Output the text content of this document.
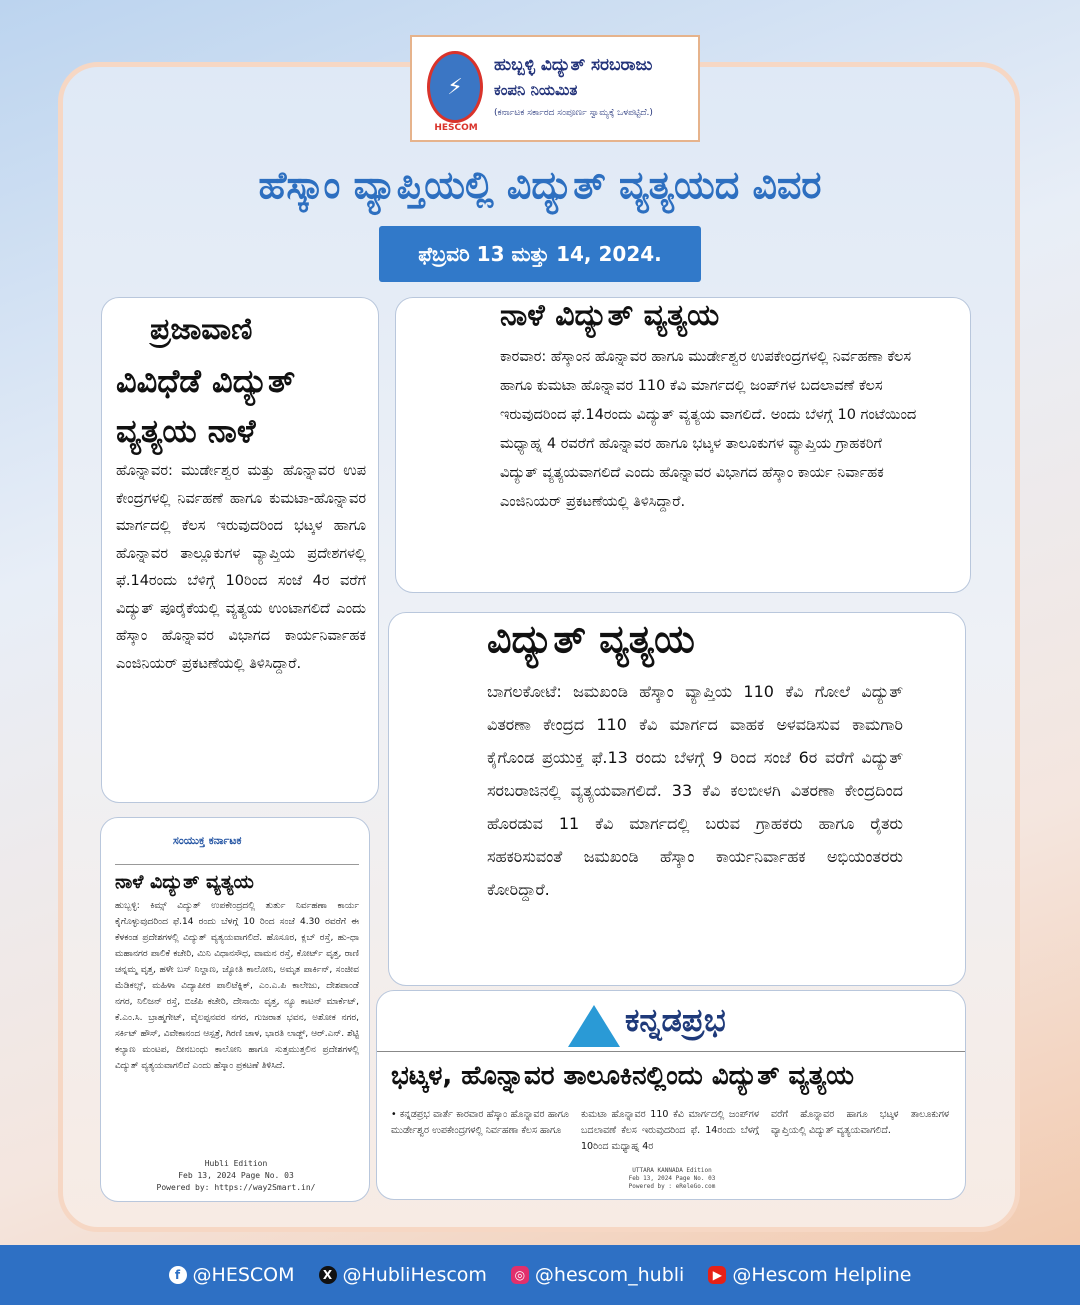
⚡
HESCOM
ಹುಬ್ಬಳ್ಳಿ ವಿದ್ಯುತ್ ಸರಬರಾಜು
ಕಂಪನಿ ನಿಯಮಿತ
(ಕರ್ನಾಟಕ ಸರ್ಕಾರದ ಸಂಪೂರ್ಣ ಸ್ವಾಮ್ಯಕ್ಕೆ ಒಳಪಟ್ಟಿದೆ.)
ಹೆಸ್ಕಾಂ ವ್ಯಾಪ್ತಿಯಲ್ಲಿ ವಿದ್ಯುತ್ ವ್ಯತ್ಯಯದ ವಿವರ
ಫೆಬ್ರವರಿ 13 ಮತ್ತು 14, 2024.
ಪ್ರಜಾವಾಣಿ
ವಿವಿಧೆಡೆ ವಿದ್ಯುತ್ ವ್ಯತ್ಯಯ ನಾಳೆ
ಹೊನ್ನಾವರ: ಮುರ್ಡೇಶ್ವರ ಮತ್ತು ಹೊನ್ನಾವರ ಉಪ ಕೇಂದ್ರಗಳಲ್ಲಿ ನಿರ್ವಹಣೆ ಹಾಗೂ ಕುಮಟಾ-ಹೊನ್ನಾವರ ಮಾರ್ಗದಲ್ಲಿ ಕೆಲಸ ಇರುವುದರಿಂದ ಭಟ್ಕಳ ಹಾಗೂ ಹೊನ್ನಾವರ ತಾಲ್ಲೂಕುಗಳ ವ್ಯಾಪ್ತಿಯ ಪ್ರದೇಶಗಳಲ್ಲಿ ಫೆ.14ರಂದು ಬೆಳಿಗ್ಗೆ 10ರಿಂದ ಸಂಜೆ 4ರ ವರೆಗೆ ವಿದ್ಯುತ್ ಪೂರೈಕೆಯಲ್ಲಿ ವ್ಯತ್ಯಯ ಉಂಟಾಗಲಿದೆ ಎಂದು ಹೆಸ್ಕಾಂ ಹೊನ್ನಾವರ ವಿಭಾಗದ ಕಾರ್ಯನಿರ್ವಾಹಕ ಎಂಜಿನಿಯರ್ ಪ್ರಕಟಣೆಯಲ್ಲಿ ತಿಳಿಸಿದ್ದಾರೆ.
ನಾಳೆ ವಿದ್ಯುತ್ ವ್ಯತ್ಯಯ
ಕಾರವಾರ: ಹೆಸ್ಕಾಂನ ಹೊನ್ನಾವರ ಹಾಗೂ ಮುರ್ಡೇಶ್ವರ ಉಪಕೇಂದ್ರಗಳಲ್ಲಿ ನಿರ್ವಹಣಾ ಕೆಲಸ ಹಾಗೂ ಕುಮಟಾ ಹೊನ್ನಾವರ 110 ಕೆವಿ ಮಾರ್ಗದಲ್ಲಿ ಜಂಪ್‌ಗಳ ಬದಲಾವಣೆ ಕೆಲಸ ಇರುವುದರಿಂದ ಫೆ.14ರಂದು ವಿದ್ಯುತ್ ವ್ಯತ್ಯಯ ವಾಗಲಿದೆ. ಅಂದು ಬೆಳಗ್ಗೆ 10 ಗಂಟೆಯಿಂದ ಮಧ್ಯಾಹ್ನ 4 ರವರೆಗೆ ಹೊನ್ನಾವರ ಹಾಗೂ ಭಟ್ಕಳ ತಾಲೂಕುಗಳ ವ್ಯಾಪ್ತಿಯ ಗ್ರಾಹಕರಿಗೆ ವಿದ್ಯುತ್ ವ್ಯತ್ಯಯವಾಗಲಿದೆ ಎಂದು ಹೊನ್ನಾವರ ವಿಭಾಗದ ಹೆಸ್ಕಾಂ ಕಾರ್ಯ ನಿರ್ವಾಹಕ ಎಂಜಿನಿಯರ್ ಪ್ರಕಟಣೆಯಲ್ಲಿ ತಿಳಿಸಿದ್ದಾರೆ.
ವಿದ್ಯುತ್ ವ್ಯತ್ಯಯ
ಬಾಗಲಕೋಟೆ: ಜಮಖಂಡಿ ಹೆಸ್ಕಾಂ ವ್ಯಾಪ್ತಿಯ 110 ಕೆವಿ ಗೋಲೆ ವಿದ್ಯುತ್ ವಿತರಣಾ ಕೇಂದ್ರದ 110 ಕೆವಿ ಮಾರ್ಗದ ವಾಹಕ ಅಳವಡಿಸುವ ಕಾಮಗಾರಿ ಕೈಗೊಂಡ ಪ್ರಯುಕ್ತ ಫೆ.13 ರಂದು ಬೆಳಗ್ಗೆ 9 ರಿಂದ ಸಂಜೆ 6ರ ವರೆಗೆ ವಿದ್ಯುತ್ ಸರಬರಾಜಿನಲ್ಲಿ ವ್ಯತ್ಯಯವಾಗಲಿದೆ. 33 ಕೆವಿ ಕಲಬೀಳಗಿ ವಿತರಣಾ ಕೇಂದ್ರದಿಂದ ಹೊರಡುವ 11 ಕೆವಿ ಮಾರ್ಗದಲ್ಲಿ ಬರುವ ಗ್ರಾಹಕರು ಹಾಗೂ ರೈತರು ಸಹಕರಿಸುವಂತೆ ಜಮಖಂಡಿ ಹೆಸ್ಕಾಂ ಕಾರ್ಯನಿರ್ವಾಹಕ ಅಭಿಯಂತರರು ಕೋರಿದ್ದಾರೆ.
ಸಂಯುಕ್ತ ಕರ್ನಾಟಕ
ನಾಳೆ ವಿದ್ಯುತ್ ವ್ಯತ್ಯಯ
ಹುಬ್ಬಳ್ಳಿ: ಕಿಮ್ಸ್ ವಿದ್ಯುತ್ ಉಪಕೇಂದ್ರದಲ್ಲಿ ತುರ್ತು ನಿರ್ವಹಣಾ ಕಾರ್ಯ ಕೈಗೊಳ್ಳುವುದರಿಂದ ಫೆ.14 ರಂದು ಬೆಳಗ್ಗೆ 10 ರಿಂದ ಸಂಜೆ 4.30 ರವರೆಗೆ ಈ ಕೆಳಕಂಡ ಪ್ರದೇಶಗಳಲ್ಲಿ ವಿದ್ಯುತ್ ವ್ಯತ್ಯಯವಾಗಲಿದೆ. ಹೊಸೂರ, ಕ್ಲಬ್ ರಸ್ತೆ, ಹು-ಧಾ ಮಹಾನಗರ ಪಾಲಿಕೆ ಕಚೇರಿ, ಮಿನಿ ವಿಧಾನಸೌಧ, ವಾಮನ ರಸ್ತೆ, ಕೋರ್ಟ್ ವೃತ್ತ, ರಾಣಿ ಚನ್ನಮ್ಮ ವೃತ್ತ, ಹಳೇ ಬಸ್ ನಿಲ್ದಾಣ, ಜ್ಯೋತಿ ಕಾಲೋನಿ, ಅಮೃತ ಪಾರ್ಕಿನ್, ಸಂಜೀವ ಮೆಡಿಕಲ್ಸ್, ಮಹಿಳಾ ವಿದ್ಯಾಪೀಠ ಪಾಲಿಟೆಕ್ನಿಕ್, ಎಂ.ಎ.ಪಿ ಕಾಲೇಜು, ದೇಶಪಾಂಡೆ ನಗರ, ನಿಲಿಜನ್ ರಸ್ತೆ, ಬಿಜೆಪಿ ಕಚೇರಿ, ದೇಸಾಯಿ ವೃತ್ತ, ನ್ಯೂ ಕಾಟನ್ ಮಾರ್ಕೆಟ್, ಕೆ.ಎಂ.ಸಿ. ಬ್ರಾಹ್ಮಗೇಟ್, ವೈಲಪ್ಪನವರ ನಗರ, ಗುಜರಾತ ಭವನ, ಅಶೋಕ ನಗರ, ಸರ್ಕಿಟ್ ಹೌಸ್, ವಿವೇಕಾನಂದ ಆಸ್ಪತ್ರೆ, ಗಿರಣಿ ಚಾಳ, ಭಾರತಿ ಲಾಡ್ಜ್, ಆರ್.ಎನ್. ಶೆಟ್ಟಿ ಕಲ್ಯಾಣ ಮಂಟಪ, ದೀನಬಂಧು ಕಾಲೋನಿ ಹಾಗೂ ಸುತ್ತಮುತ್ತಲಿನ ಪ್ರದೇಶಗಳಲ್ಲಿ ವಿದ್ಯುತ್ ವ್ಯತ್ಯಯವಾಗಲಿದೆ ಎಂದು ಹೆಸ್ಕಾಂ ಪ್ರಕಟಣೆ ತಿಳಿಸಿದೆ.
Hubli Edition
Feb 13, 2024 Page No. 03
Powered by: https://way2Smart.in/
ಕನ್ನಡಪ್ರಭ
ಭಟ್ಕಳ, ಹೊನ್ನಾವರ ತಾಲೂಕಿನಲ್ಲಿಂದು ವಿದ್ಯುತ್ ವ್ಯತ್ಯಯ
• ಕನ್ನಡಪ್ರಭ ವಾರ್ತೆ ಕಾರವಾರ ಹೆಸ್ಕಾಂ ಹೊನ್ನಾವರ ಹಾಗೂ ಮುರ್ಡೇಶ್ವರ ಉಪಕೇಂದ್ರಗಳಲ್ಲಿ ನಿರ್ವಹಣಾ ಕೆಲಸ ಹಾಗೂ
ಕುಮಟಾ ಹೊನ್ನಾವರ 110 ಕೆವಿ ಮಾರ್ಗದಲ್ಲಿ ಜಂಪ್‌ಗಳ ಬದಲಾವಣೆ ಕೆಲಸ ಇರುವುದರಿಂದ ಫೆ. 14ರಂದು ಬೆಳಗ್ಗೆ 10ರಿಂದ ಮಧ್ಯಾಹ್ನ 4ರ
ವರೆಗೆ ಹೊನ್ನಾವರ ಹಾಗೂ ಭಟ್ಕಳ ತಾಲೂಕುಗಳ ವ್ಯಾಪ್ತಿಯಲ್ಲಿ ವಿದ್ಯುತ್ ವ್ಯತ್ಯಯವಾಗಲಿದೆ.
UTTARA KANNADA Edition
Feb 13, 2024 Page No. 03
Powered by : eReleGo.com
f @HESCOM	X @HubliHescom	◎ @hescom_hubli	▶ @Hescom Helpline
